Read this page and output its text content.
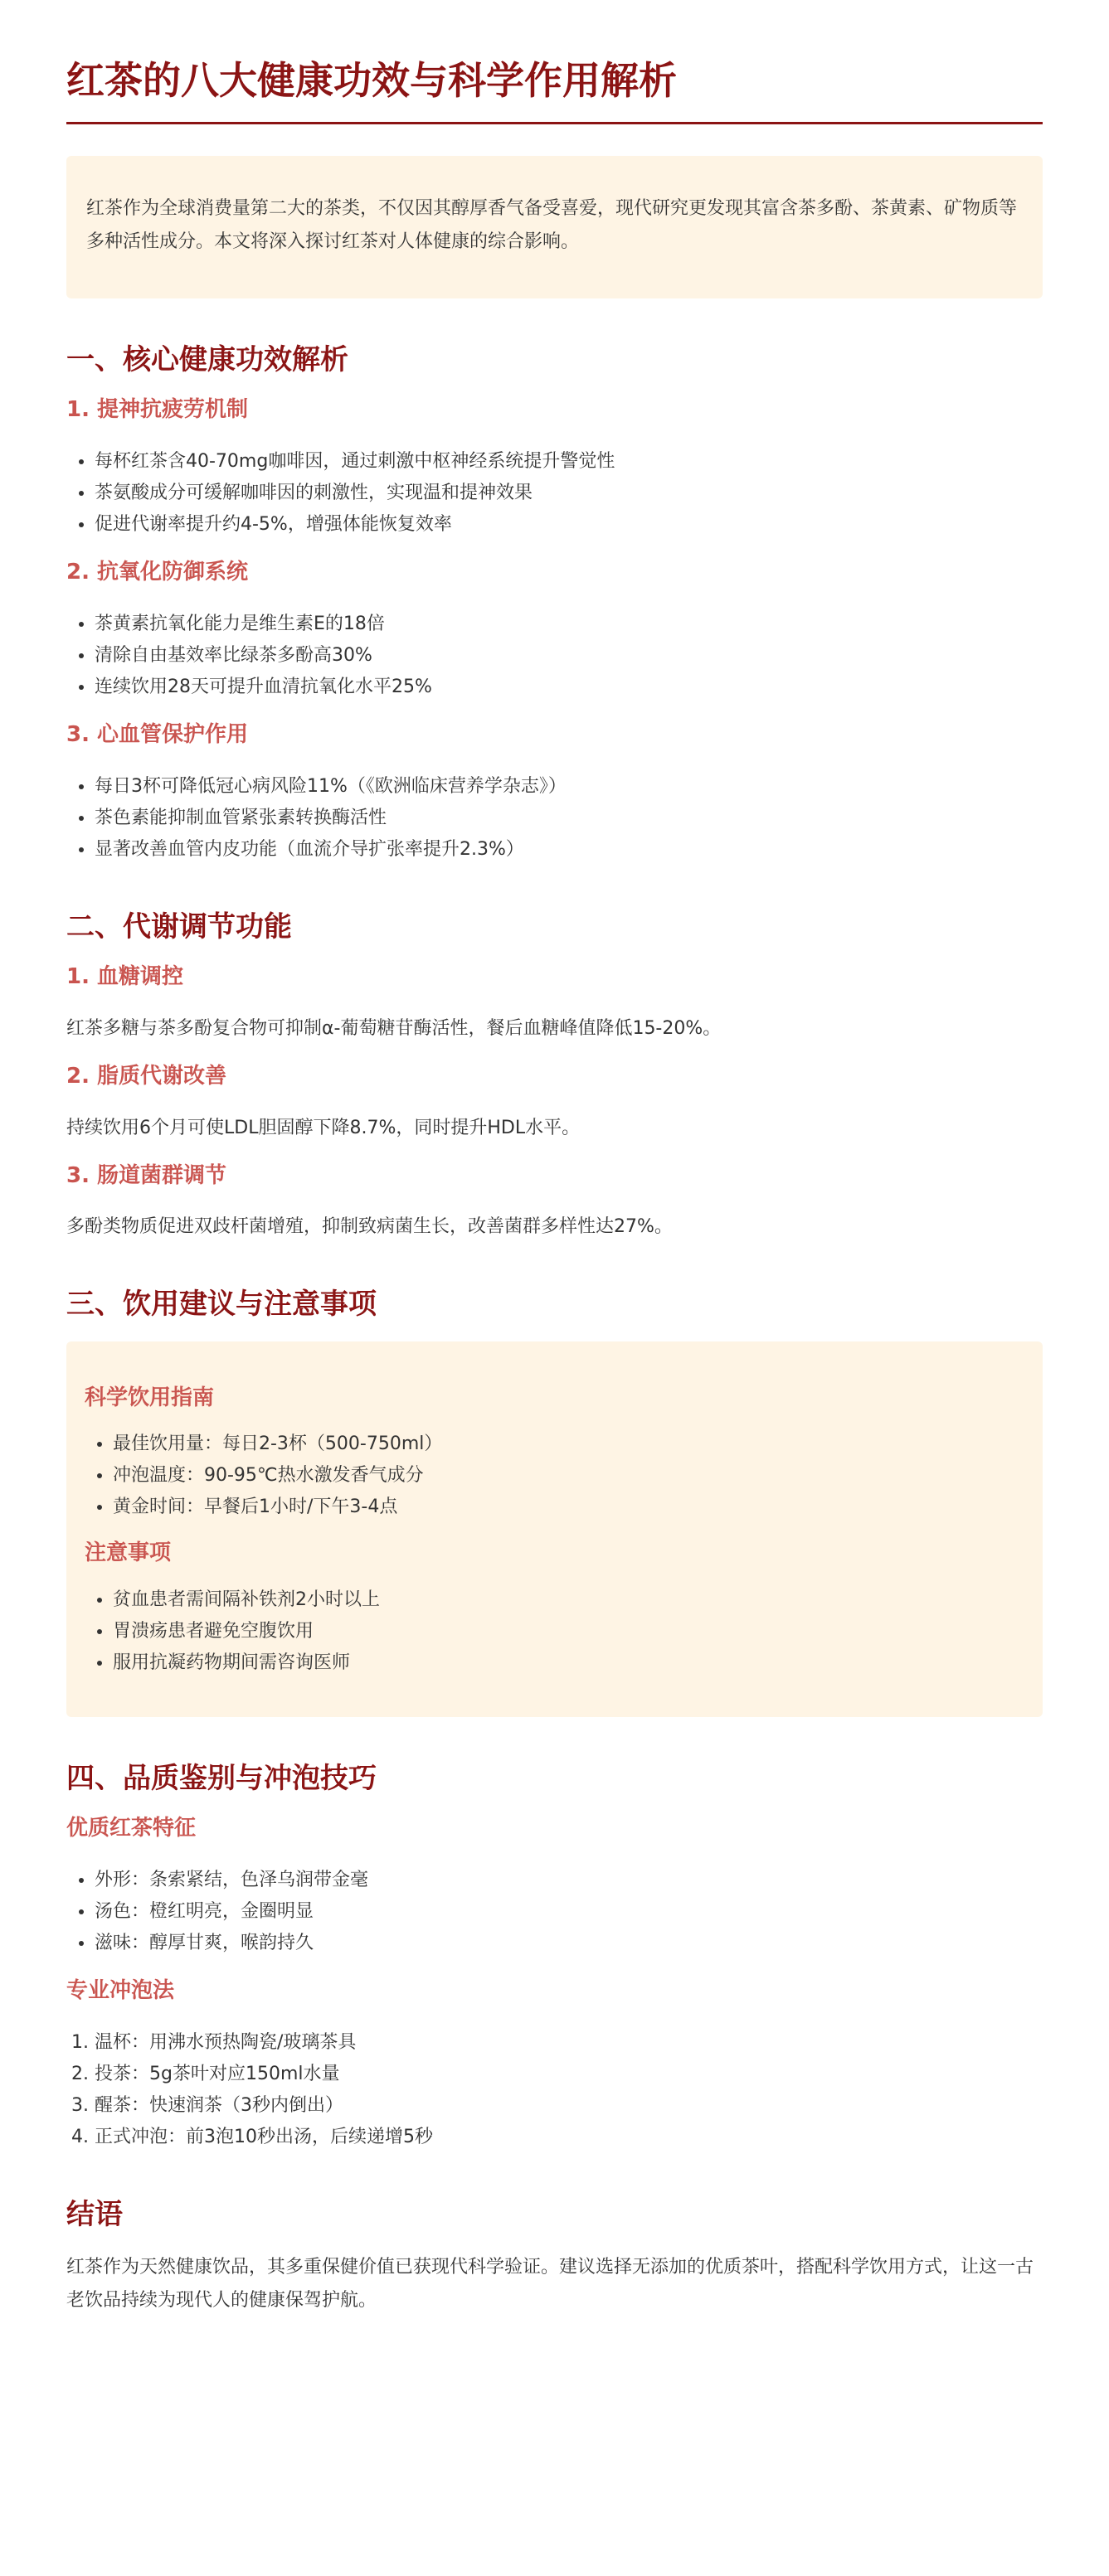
红茶的八大健康功效与科学作用解析
红茶作为全球消费量第二大的茶类，不仅因其醇厚香气备受喜爱，现代研究更发现其富含茶多酚、茶黄素、矿物质等多种活性成分。本文将深入探讨红茶对人体健康的综合影响。
一、核心健康功效解析
1. 提神抗疲劳机制
• 每杯红茶含40-70mg咖啡因，通过刺激中枢神经系统提升警觉性
• 茶氨酸成分可缓解咖啡因的刺激性，实现温和提神效果
• 促进代谢率提升约4-5%，增强体能恢复效率
2. 抗氧化防御系统
• 茶黄素抗氧化能力是维生素E的18倍
• 清除自由基效率比绿茶多酚高30%
• 连续饮用28天可提升血清抗氧化水平25%
3. 心血管保护作用
• 每日3杯可降低冠心病风险11%（《欧洲临床营养学杂志》）
• 茶色素能抑制血管紧张素转换酶活性
• 显著改善血管内皮功能（血流介导扩张率提升2.3%）
二、代谢调节功能
1. 血糖调控

红茶多糖与茶多酚复合物可抑制α-葡萄糖苷酶活性，餐后血糖峰值降低15-20%。

2. 脂质代谢改善

持续饮用6个月可使LDL胆固醇下降8.7%，同时提升HDL水平。

3. 肠道菌群调节

多酚类物质促进双歧杆菌增殖，抑制致病菌生长，改善菌群多样性达27%。

三、饮用建议与注意事项
科学饮用指南
• 最佳饮用量：每日2-3杯（500-750ml）
• 冲泡温度：90-95℃热水激发香气成分
• 黄金时间：早餐后1小时/下午3-4点
注意事项
• 贫血患者需间隔补铁剂2小时以上
• 胃溃疡患者避免空腹饮用
• 服用抗凝药物期间需咨询医师
四、品质鉴别与冲泡技巧
优质红茶特征
• 外形：条索紧结，色泽乌润带金毫
• 汤色：橙红明亮，金圈明显
• 滋味：醇厚甘爽，喉韵持久
专业冲泡法
1. 温杯：用沸水预热陶瓷/玻璃茶具
2. 投茶：5g茶叶对应150ml水量
3. 醒茶：快速润茶（3秒内倒出）
4. 正式冲泡：前3泡10秒出汤，后续递增5秒
结语

红茶作为天然健康饮品，其多重保健价值已获现代科学验证。建议选择无添加的优质茶叶，搭配科学饮用方式，让这一古老饮品持续为现代人的健康保驾护航。
